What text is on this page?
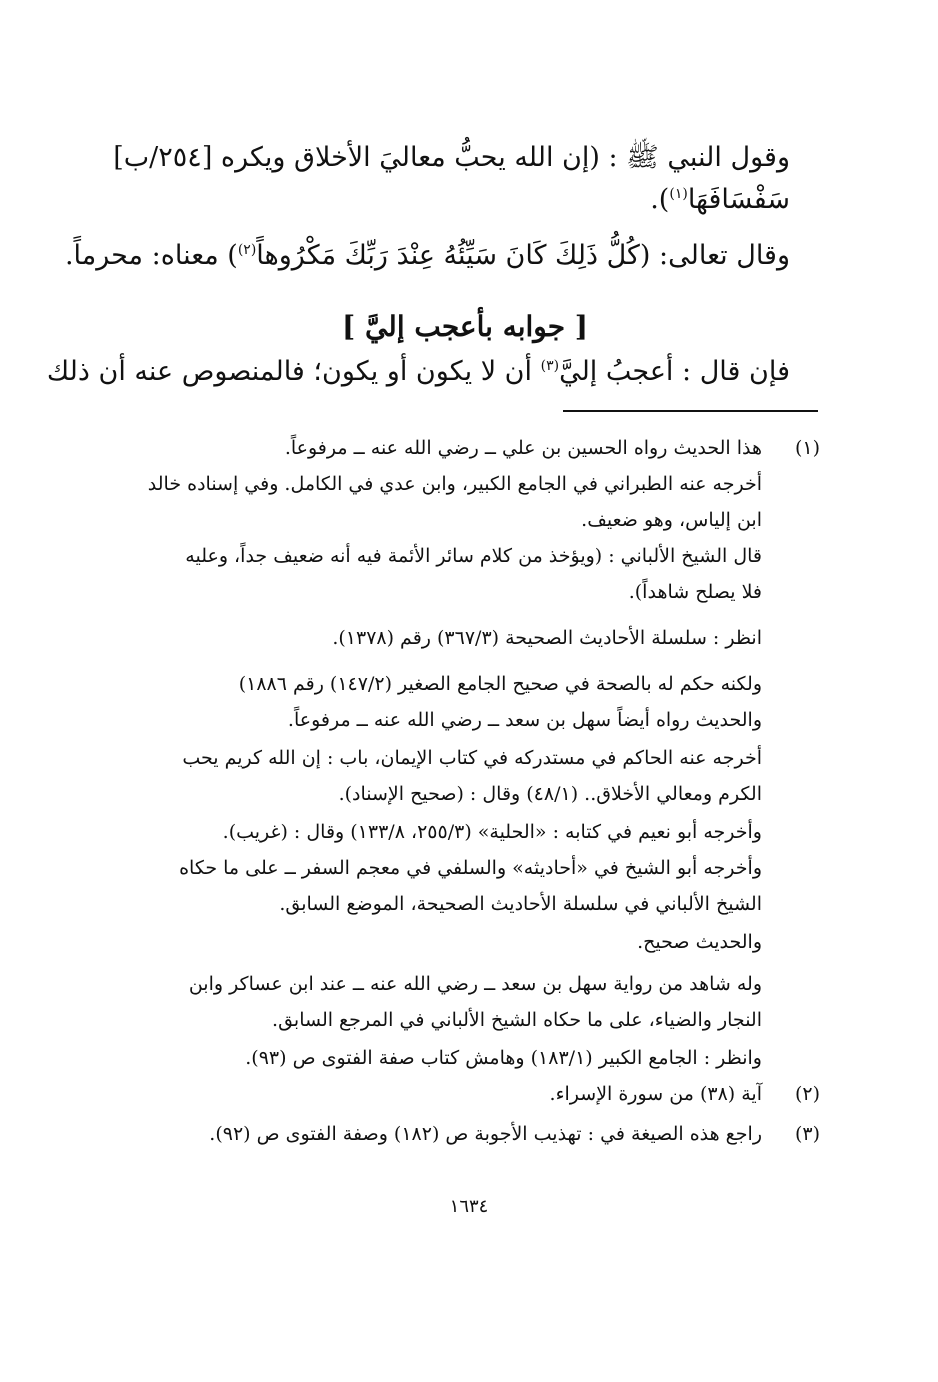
وقول النبي ﷺ : (إن الله يحبُّ معاليَ الأخلاق ويكره [٢٥٤/ب]
سَفْسَافَهَا$^{(١)}$).
وقال تعالى: (كُلُّ ذَلِكَ كَانَ سَيِّئُهُ عِنْدَ رَبِّكَ مَكْرُوهاً$^{(٢)}$) معناه: محرماً.
[ جوابه بأعجب إليَّ ]
فإن قال : أعجبُ إليَّ$^{(٣)}$ أن لا يكون أو يكون؛ فالمنصوص عنه أن ذلك
(١)
هذا الحديث رواه الحسين بن علي ــ رضي الله عنه ــ مرفوعاً.
أخرجه عنه الطبراني في الجامع الكبير، وابن عدي في الكامل. وفي إسناده خالد
ابن إلياس، وهو ضعيف.
قال الشيخ الألباني : (ويؤخذ من كلام سائر الأئمة فيه أنه ضعيف جداً، وعليه
فلا يصلح شاهداً).
انظر : سلسلة الأحاديث الصحيحة (٣٦٧/٣) رقم (١٣٧٨).
ولكنه حكم له بالصحة في صحيح الجامع الصغير (١٤٧/٢) رقم ١٨٨٦)
والحديث رواه أيضاً سهل بن سعد ــ رضي الله عنه ــ مرفوعاً.
أخرجه عنه الحاكم في مستدركه في كتاب الإيمان، باب : إن الله كريم يحب
الكرم ومعالي الأخلاق.. (٤٨/١) وقال : (صحيح الإسناد).
وأخرجه أبو نعيم في كتابه : «الحلية» (٢٥٥/٣، ١٣٣/٨) وقال : (غريب).
وأخرجه أبو الشيخ في «أحاديثه» والسلفي في معجم السفر ــ على ما حكاه
الشيخ الألباني في سلسلة الأحاديث الصحيحة، الموضع السابق.
والحديث صحيح.
وله شاهد من رواية سهل بن سعد ــ رضي الله عنه ــ عند ابن عساكر وابن
النجار والضياء، على ما حكاه الشيخ الألباني في المرجع السابق.
وانظر : الجامع الكبير (١٨٣/١) وهامش كتاب صفة الفتوى ص (٩٣).
(٢)
آية (٣٨) من سورة الإسراء.
(٣)
راجع هذه الصيغة في : تهذيب الأجوبة ص (١٨٢) وصفة الفتوى ص (٩٢).
١٦٣٤
